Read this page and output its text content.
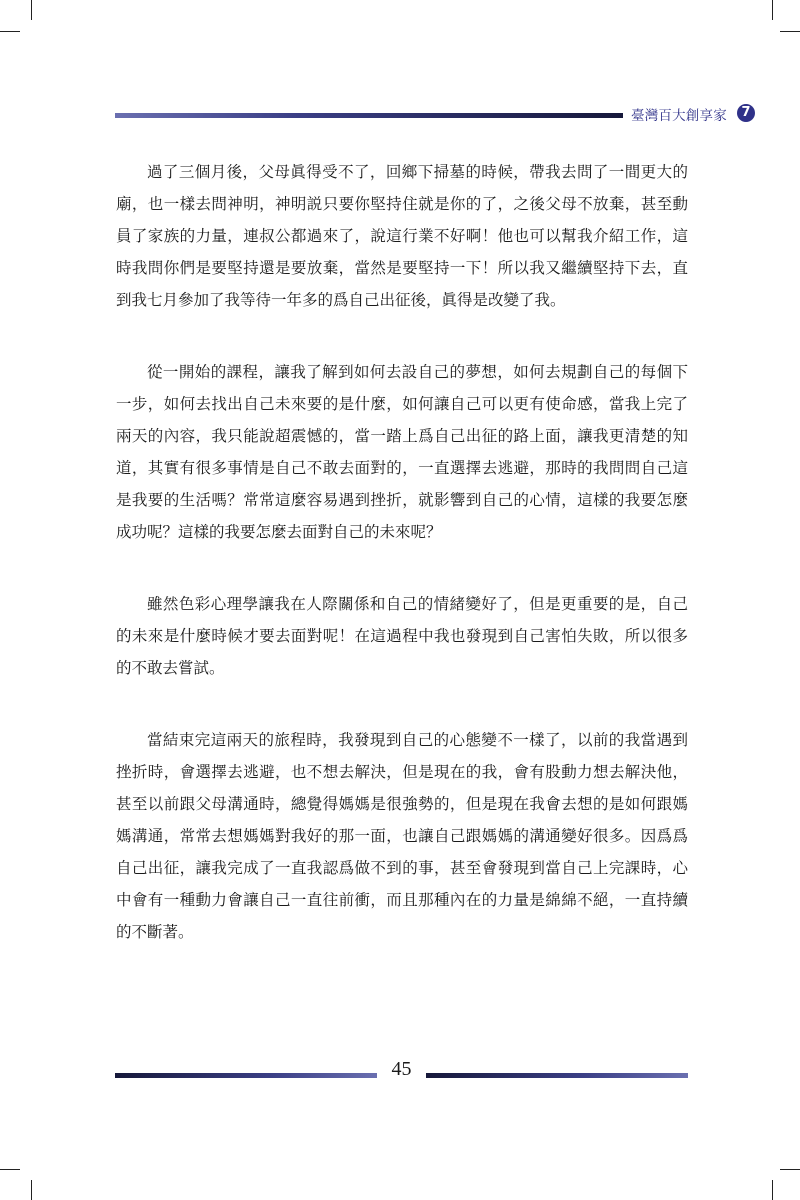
臺灣百大創享家	7

過了三個月後，父母眞得受不了，回鄉下掃墓的時候，帶我去問了一間更大的廟，也一樣去問神明，神明説只要你堅持住就是你的了，之後父母不放棄，甚至動員了家族的力量，連叔公都過來了，說這行業不好啊！他也可以幫我介紹工作，這時我問你們是要堅持還是要放棄，當然是要堅持一下！所以我又繼續堅持下去，直到我七月參加了我等待一年多的爲自己出征後，眞得是改變了我。

從一開始的課程，讓我了解到如何去設自己的夢想，如何去規劃自己的每個下一步，如何去找出自己未來要的是什麼，如何讓自己可以更有使命感，當我上完了兩天的內容，我只能說超震憾的，當一踏上爲自己出征的路上面，讓我更清楚的知道，其實有很多事情是自己不敢去面對的，一直選擇去逃避，那時的我問問自己這是我要的生活嗎？常常這麼容易遇到挫折，就影響到自己的心情，這樣的我要怎麼成功呢？這樣的我要怎麼去面對自己的未來呢？

雖然色彩心理學讓我在人際關係和自己的情緒變好了，但是更重要的是，自己的未來是什麼時候才要去面對呢！在這過程中我也發現到自己害怕失敗，所以很多的不敢去嘗試。

當結束完這兩天的旅程時，我發現到自己的心態變不一樣了，以前的我當遇到挫折時，會選擇去逃避，也不想去解決，但是現在的我，會有股動力想去解決他，甚至以前跟父母溝通時，總覺得媽媽是很強勢的，但是現在我會去想的是如何跟媽媽溝通，常常去想媽媽對我好的那一面，也讓自己跟媽媽的溝通變好很多。因爲爲自己出征，讓我完成了一直我認爲做不到的事，甚至會發現到當自己上完課時，心中會有一種動力會讓自己一直往前衝，而且那種內在的力量是綿綿不絕，一直持續的不斷著。

45
